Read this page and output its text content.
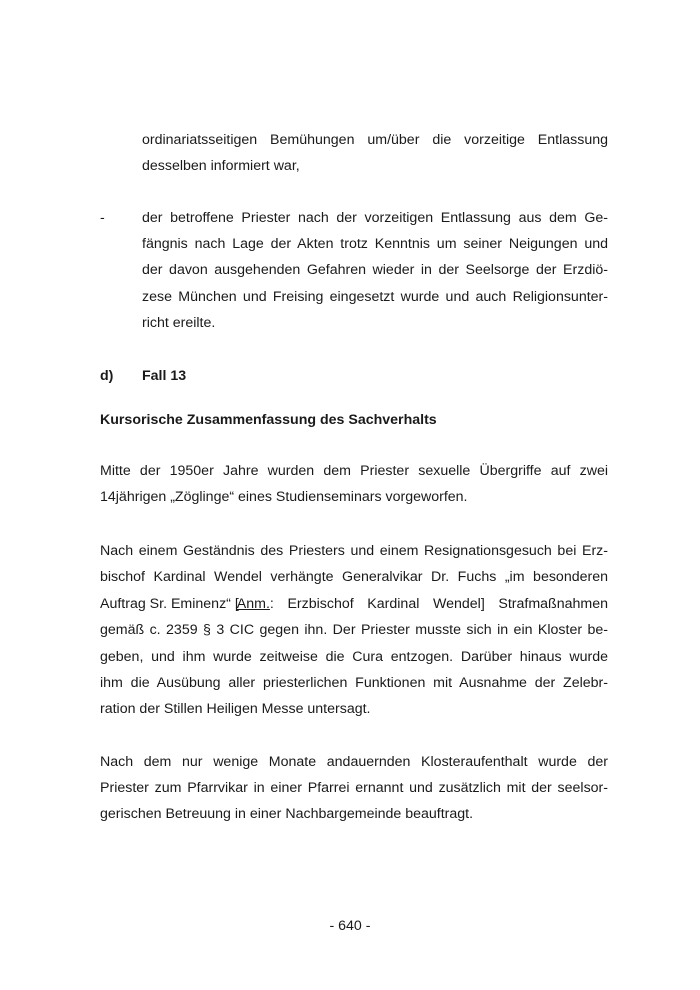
ordinariatsseitigen Bemühungen um/über die vorzeitige Entlassung
desselben informiert war,
-	der betroffene Priester nach der vorzeitigen Entlassung aus dem Ge-
fängnis nach Lage der Akten trotz Kenntnis um seiner Neigungen und
der davon ausgehenden Gefahren wieder in der Seelsorge der Erzdiö-
zese München und Freising eingesetzt wurde und auch Religionsunter-
richt ereilte.
d) Fall 13
Kursorische Zusammenfassung des Sachverhalts
Mitte der 1950er Jahre wurden dem Priester sexuelle Übergriffe auf zwei
14jährigen „Zöglinge“ eines Studienseminars vorgeworfen.
Nach einem Geständnis des Priesters und einem Resignationsgesuch bei Erz-
bischof Kardinal Wendel verhängte Generalvikar Dr. Fuchs „im besonderen
Auftrag Sr. Eminenz“ [
Anm. : Erzbischof Kardinal Wendel] Strafmaßnahmen
gemäß c. 2359 § 3 CIC gegen ihn. Der Priester musste sich in ein Kloster be-
geben, und ihm wurde zeitweise die Cura entzogen. Darüber hinaus wurde
ihm die Ausübung aller priesterlichen Funktionen mit Ausnahme der Zelebr-
ration der Stillen Heiligen Messe untersagt.
Nach dem nur wenige Monate andauernden Klosteraufenthalt wurde der
Priester zum Pfarrvikar in einer Pfarrei ernannt und zusätzlich mit der seelsor-
gerischen Betreuung in einer Nachbargemeinde beauftragt.
- 640 -
